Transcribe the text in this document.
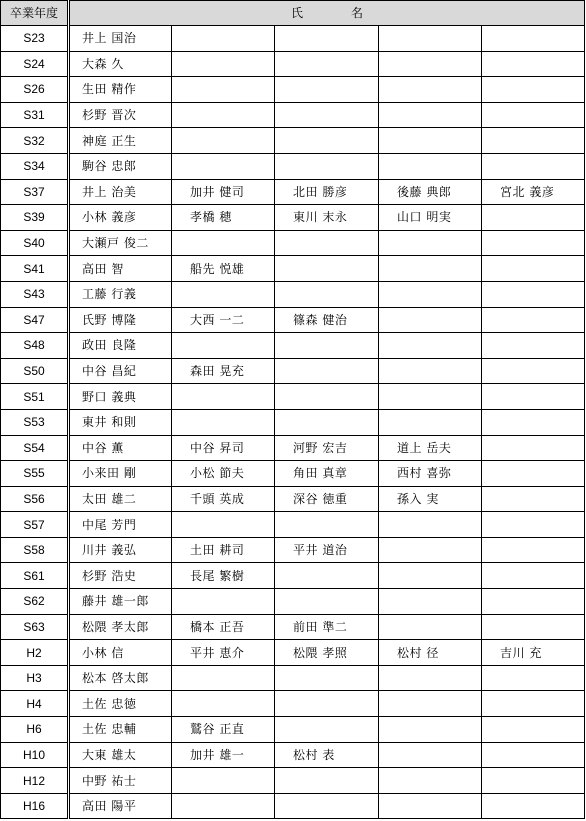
卒業年度	氏　　　　名				
S23	井上 国治				
S24	大森 久				
S26	生田 精作				
S31	杉野 晋次				
S32	神庭 正生				
S34	駒谷 忠郎				
S37	井上 治美	加井 健司	北田 勝彦	後藤 典郎	宮北 義彦
S39	小林 義彦	孝橋 穂	東川 末永	山口 明実	
S40	大瀬戸 俊二				
S41	高田 智	船先 悦雄			
S43	工藤 行義				
S47	氏野 博隆	大西 一二	篠森 健治		
S48	政田 良隆				
S50	中谷 昌紀	森田 晃充			
S51	野口 義典				
S53	東井 和則				
S54	中谷 薫	中谷 昇司	河野 宏吉	道上 岳夫	
S55	小来田 剛	小松 節夫	角田 真章	西村 喜弥	
S56	太田 雄二	千頭 英成	深谷 徳重	孫入 実	
S57	中尾 芳門				
S58	川井 義弘	土田 耕司	平井 道治		
S61	杉野 浩史	長尾 繁樹			
S62	藤井 雄一郎				
S63	松隈 孝太郎	橋本 正吾	前田 準二		
H2	小林 信	平井 恵介	松隈 孝照	松村 径	吉川 充
H3	松本 啓太郎				
H4	土佐 忠徳				
H6	土佐 忠輔	鷲谷 正直			
H10	大東 雄太	加井 雄一	松村 表		
H12	中野 祐士				
H16	高田 陽平				
